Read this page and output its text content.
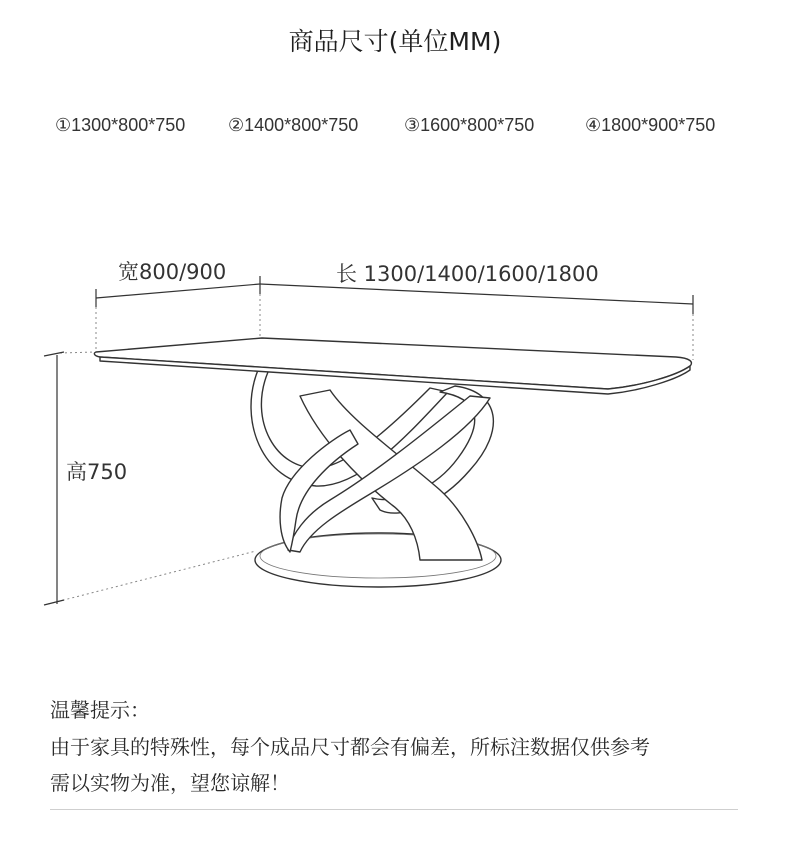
商品尺寸(单位MM)
①1300*800*750 ②1400*800*750	③1600*800*750	④1800*900*750
宽800/900	长 1300/1400/1600/1800
高750
温馨提示：
由于家具的特殊性，每个成品尺寸都会有偏差，所标注数据仅供参考
需以实物为准，望您谅解！
